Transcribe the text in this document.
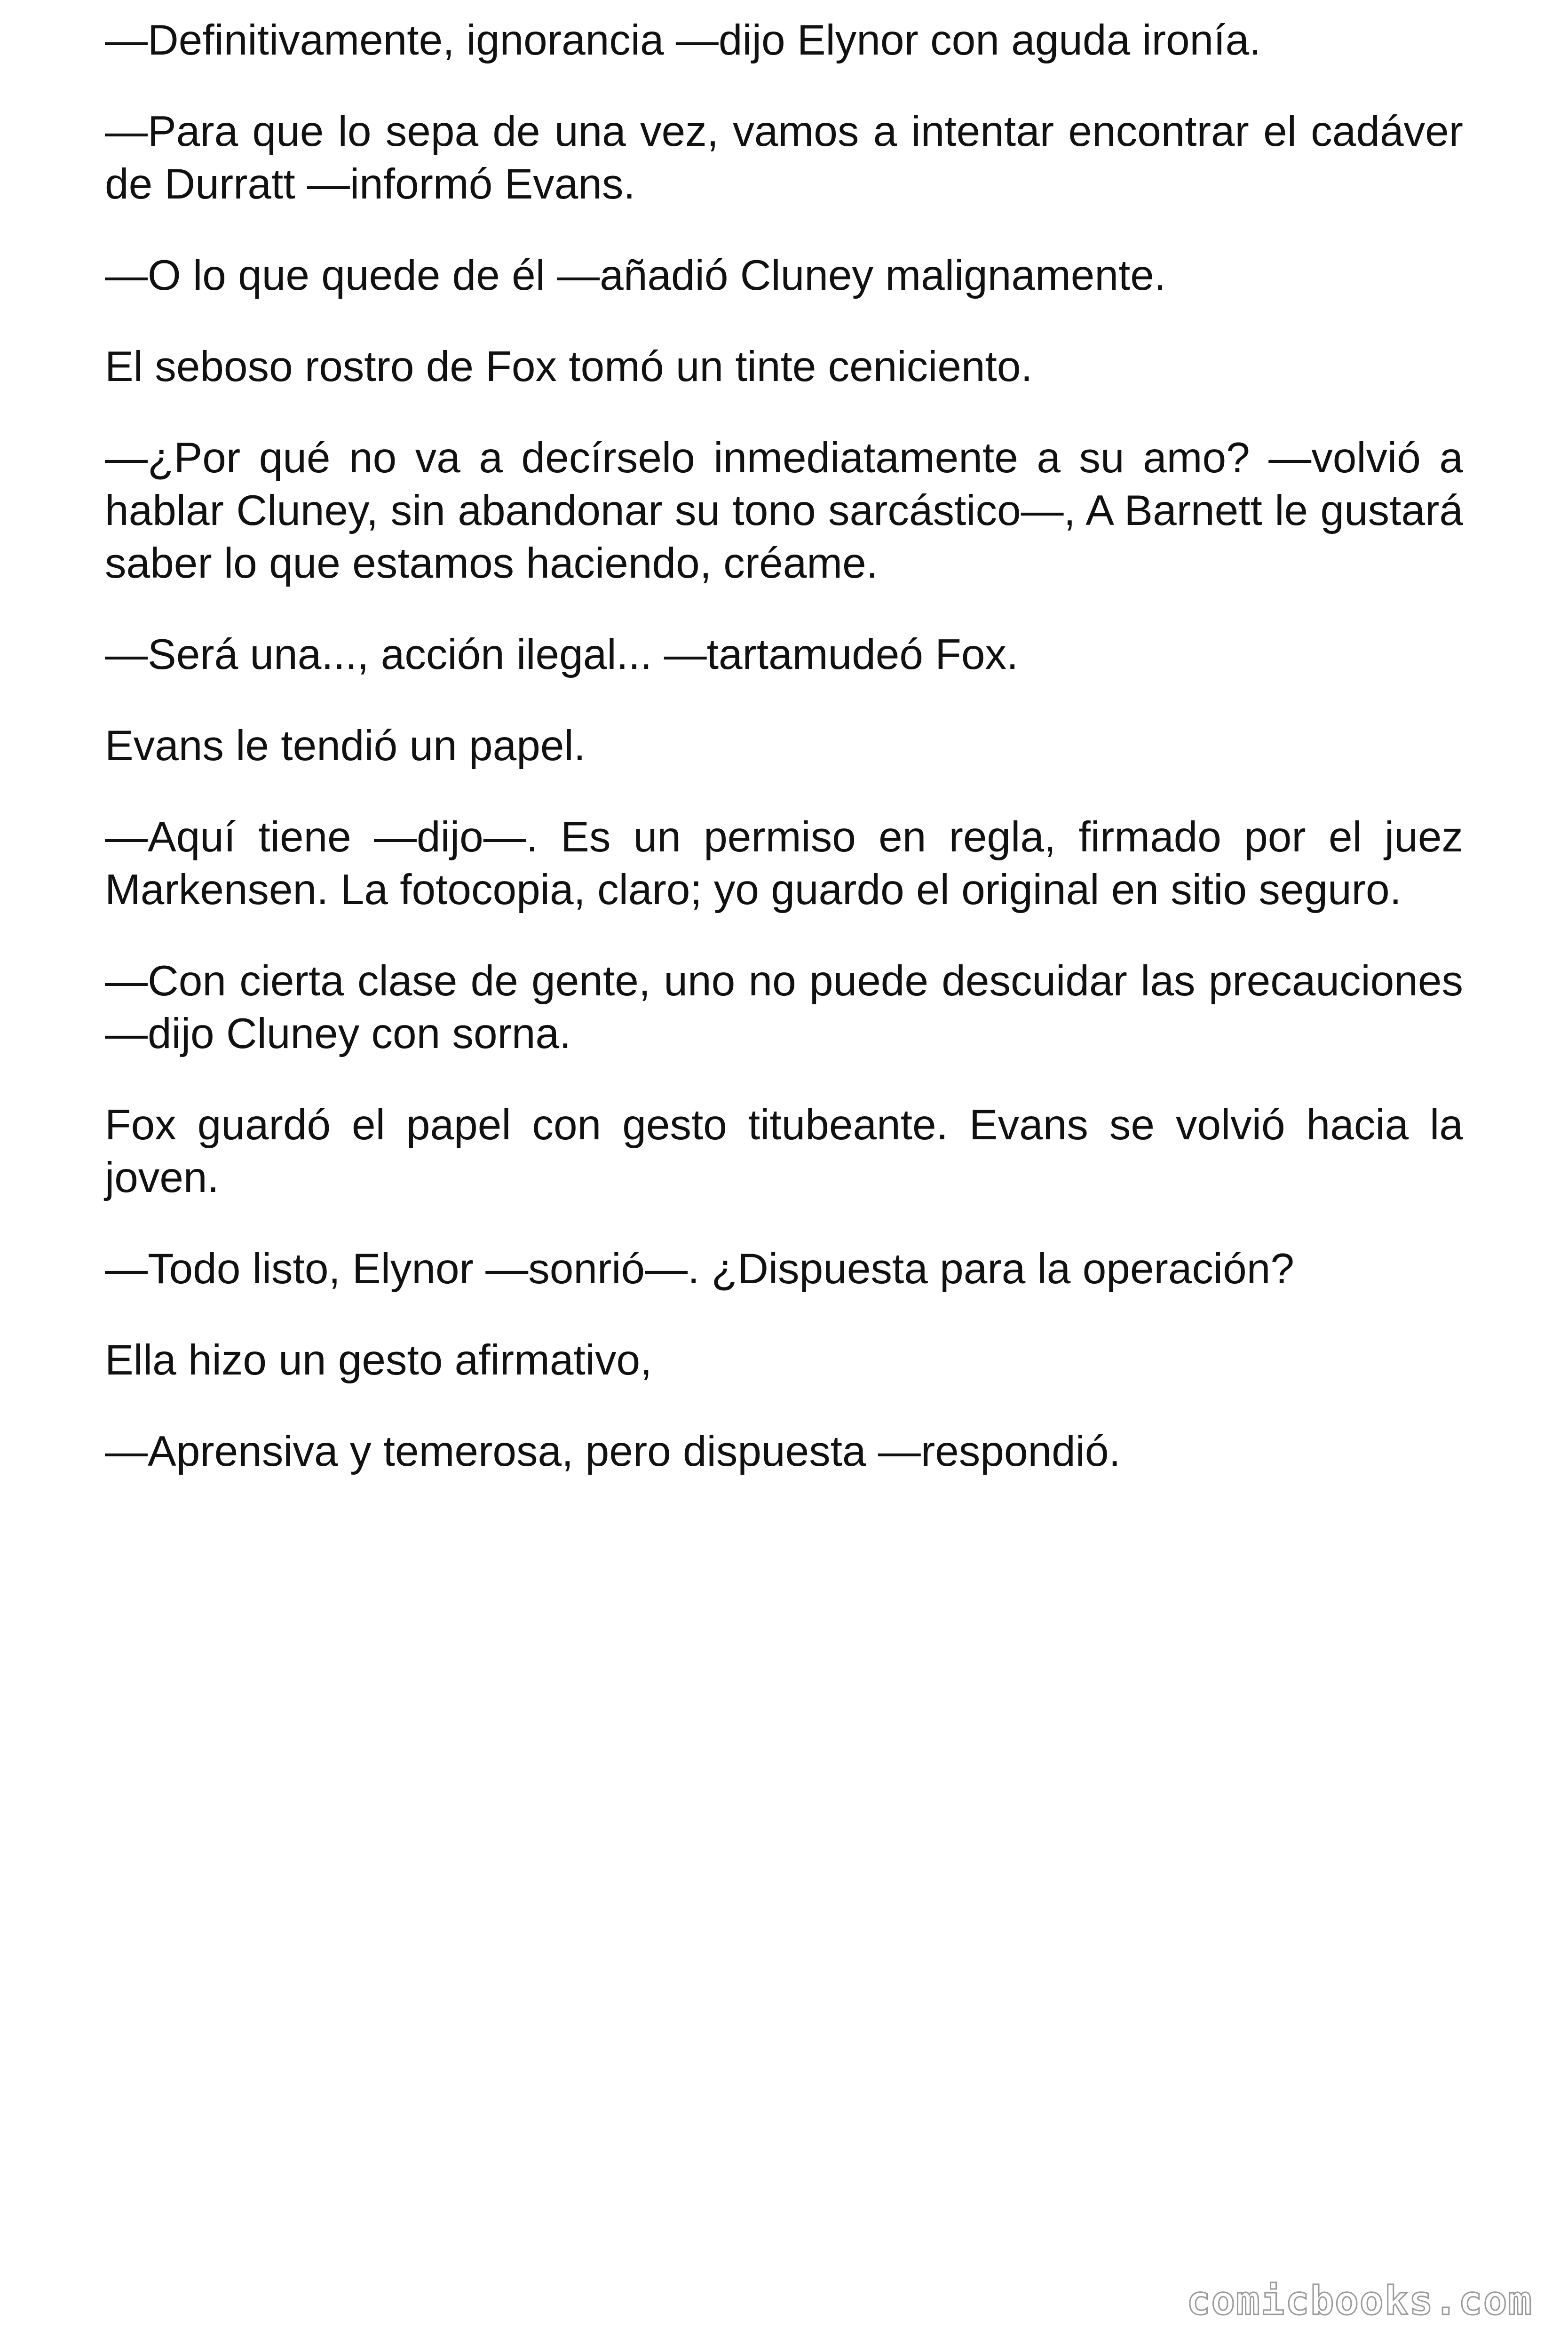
—Definitivamente, ignorancia —dijo Elynor con aguda ironía.

—Para que lo sepa de una vez, vamos a intentar encontrar el cadáver de Durratt —informó Evans.

—O lo que quede de él —añadió Cluney malignamente.

El seboso rostro de Fox tomó un tinte ceniciento.

—¿Por qué no va a decírselo inmediatamente a su amo? —volvió a hablar Cluney, sin abandonar su tono sarcástico—, A Barnett le gustará saber lo que estamos haciendo, créame.

—Será una..., acción ilegal... —tartamudeó Fox.

Evans le tendió un papel.

—Aquí tiene —dijo—. Es un permiso en regla, firmado por el juez Markensen. La fotocopia, claro; yo guardo el original en sitio seguro.

—Con cierta clase de gente, uno no puede descuidar las precauciones —dijo Cluney con sorna.

Fox guardó el papel con gesto titubeante. Evans se volvió hacia la joven.

—Todo listo, Elynor —sonrió—. ¿Dispuesta para la operación?

Ella hizo un gesto afirmativo,

—Aprensiva y temerosa, pero dispuesta —respondió.

comicbooks.com
